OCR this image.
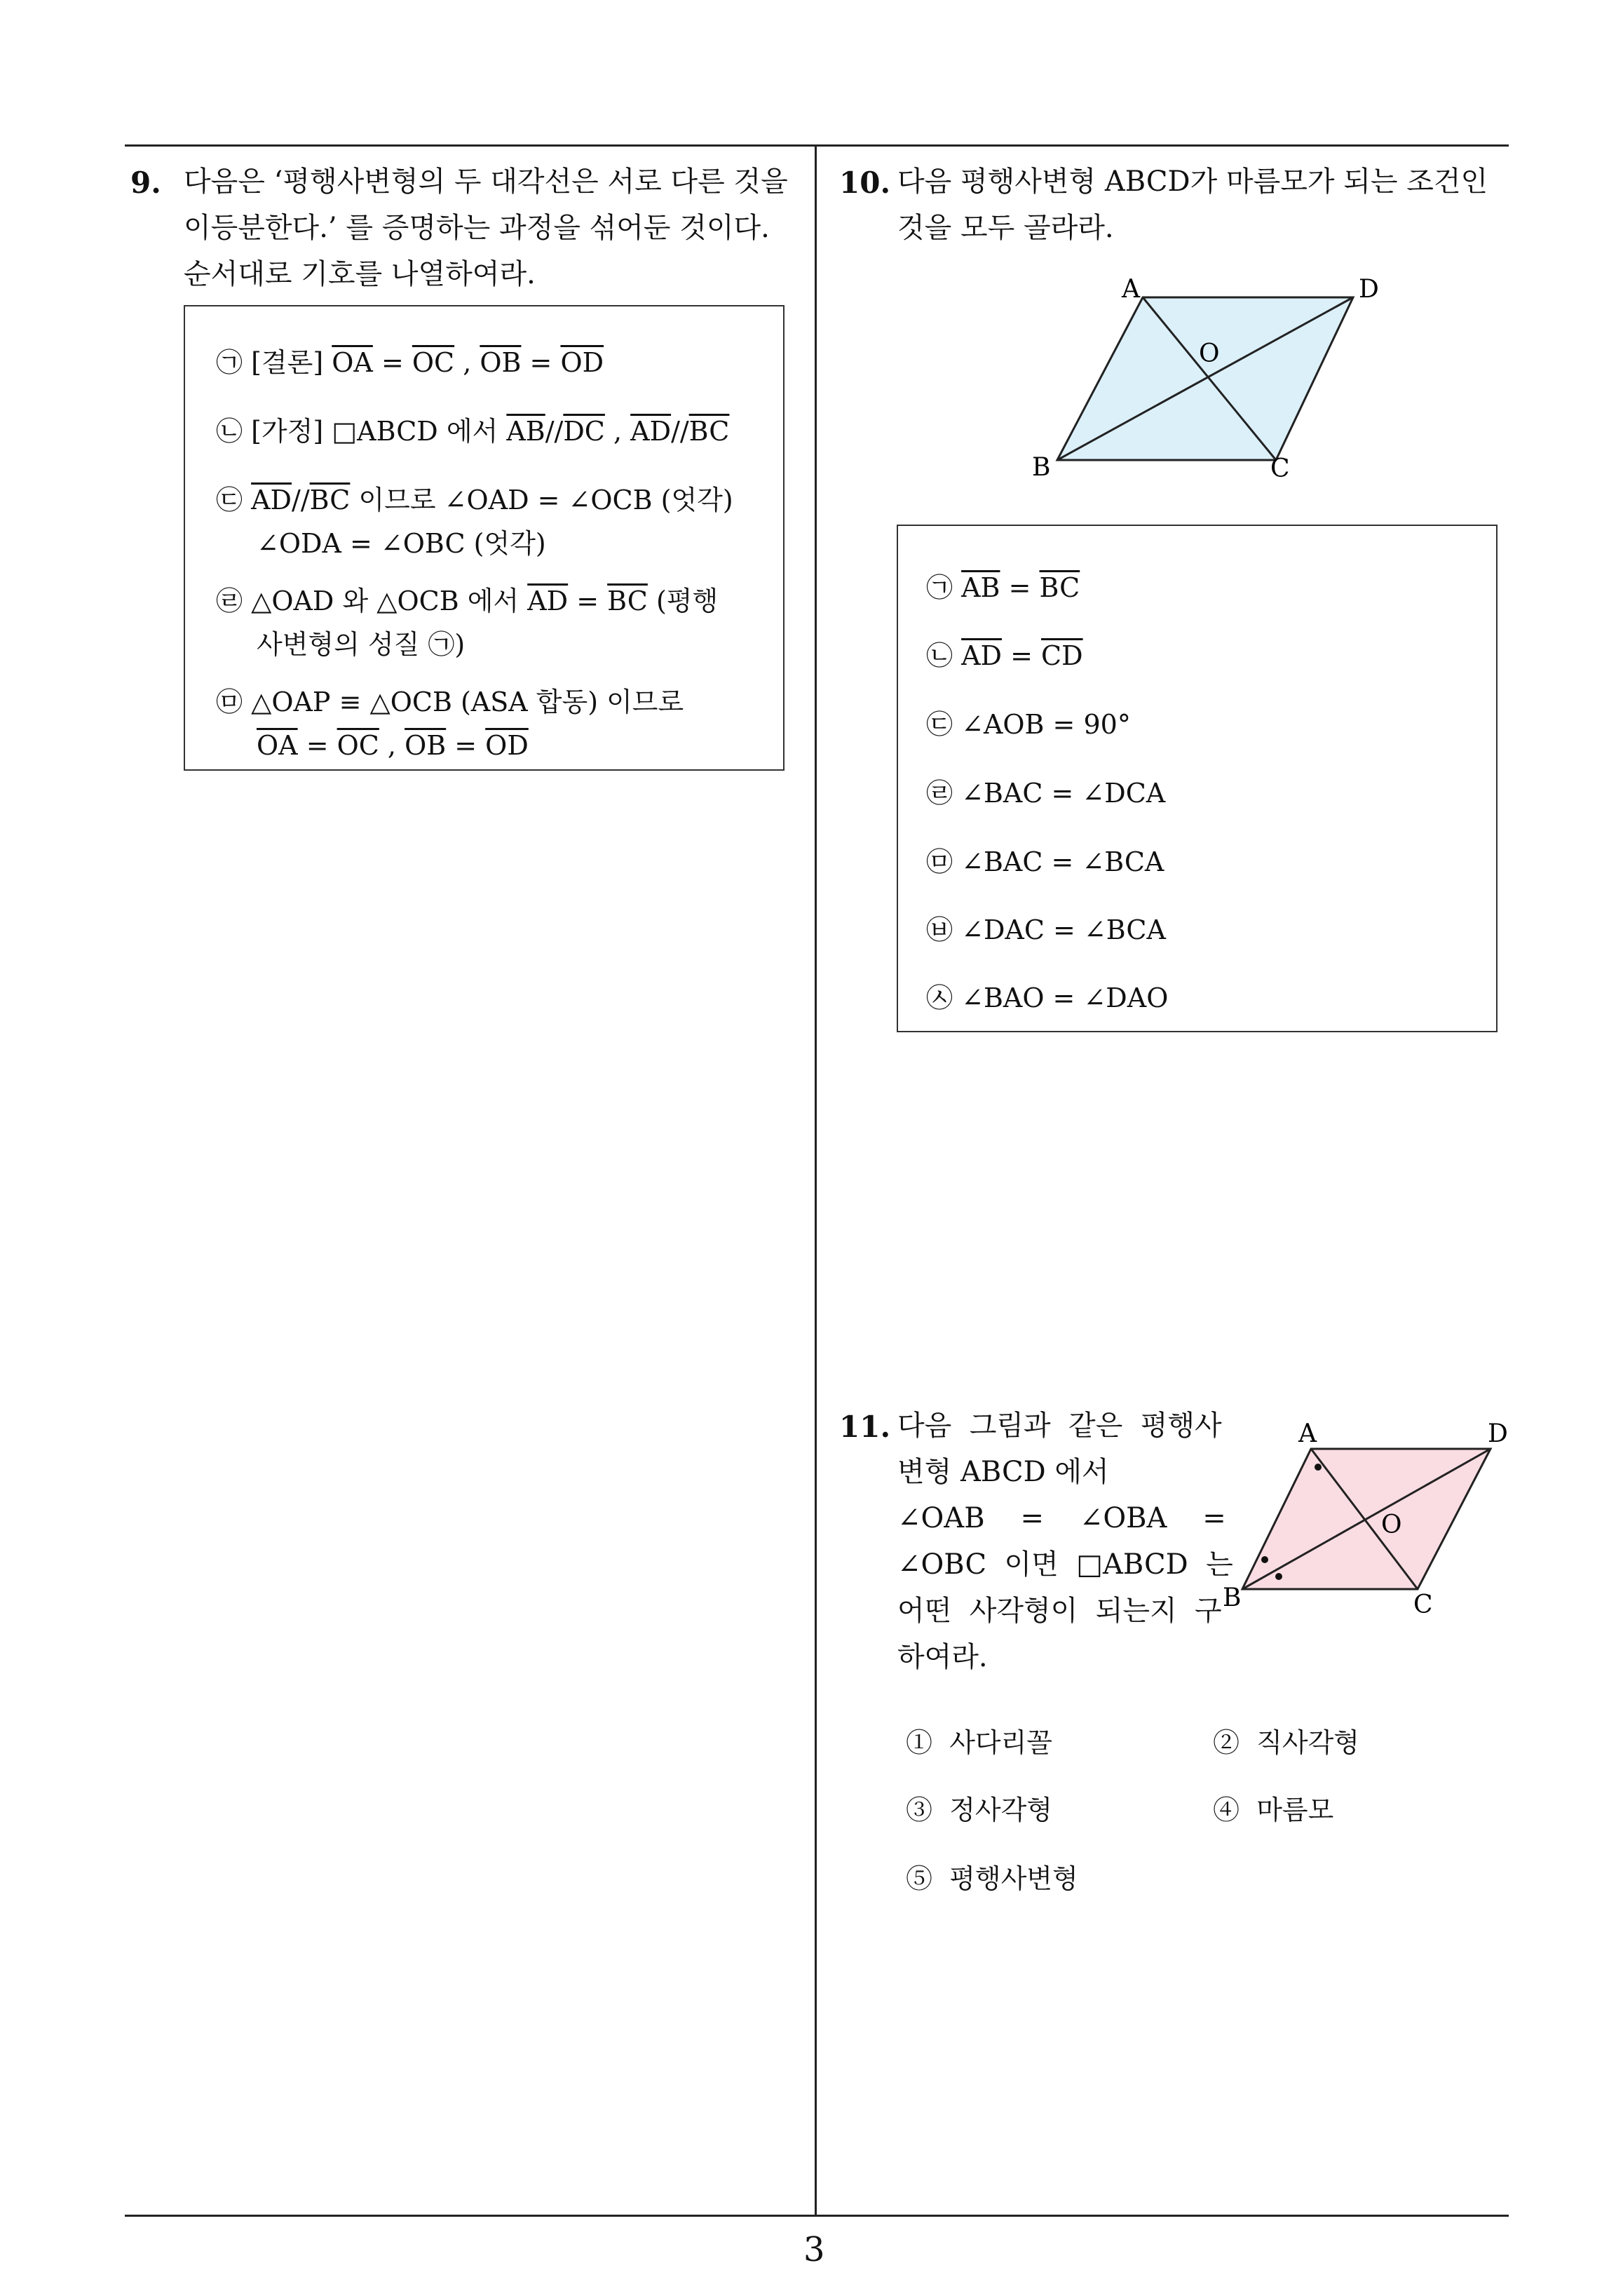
9. 다음은 ‘평행사변형의 두 대각선은 서로 다른 것을 이등분한다.’ 를 증명하는 과정을 섞어둔 것이다. 순서대로 기호를 나열하여라.
㉠ [결론] $\overline{OA} = \overline{OC}$ , $\overline{OB} = \overline{OD}$
㉡ [가정] □ABCD 에서 $\overline{AB}//\overline{DC}$ , $\overline{AD}//\overline{BC}$
㉢ $\overline{AD}//\overline{BC}$ 이므로 ∠OAD = ∠OCB (엇각)
∠ODA = ∠OBC (엇각)
㉣ △OAD 와 △OCB 에서 $\overline{AD} = \overline{BC}$ (평행
사변형의 성질 ㉠)
㉤ △OAP ≡ △OCB (ASA 합동) 이므로
$\overline{OA} = \overline{OC}$ , $\overline{OB} = \overline{OD}$
10. 다음 평행사변형 ABCD가 마름모가 되는 조건인 것을 모두 골라라.
A	D
B	C
O
㉠ $\overline{AB} = \overline{BC}$
㉡ $\overline{AD} = \overline{CD}$
㉢ ∠AOB = 90°
㉣ ∠BAC = ∠DCA
㉤ ∠BAC = ∠BCA
㉥ ∠DAC = ∠BCA
㉦ ∠BAO = ∠DAO
11. 다음  그림과  같은  평행사
변형 ABCD 에서
∠OAB    =    ∠OBA    =
∠OBC  이면  □ABCD  는
어떤  사각형이  되는지  구
하여라.
A	D
B	C
O
① 사다리꼴	② 직사각형
③ 정사각형	④ 마름모
⑤ 평행사변형
3
